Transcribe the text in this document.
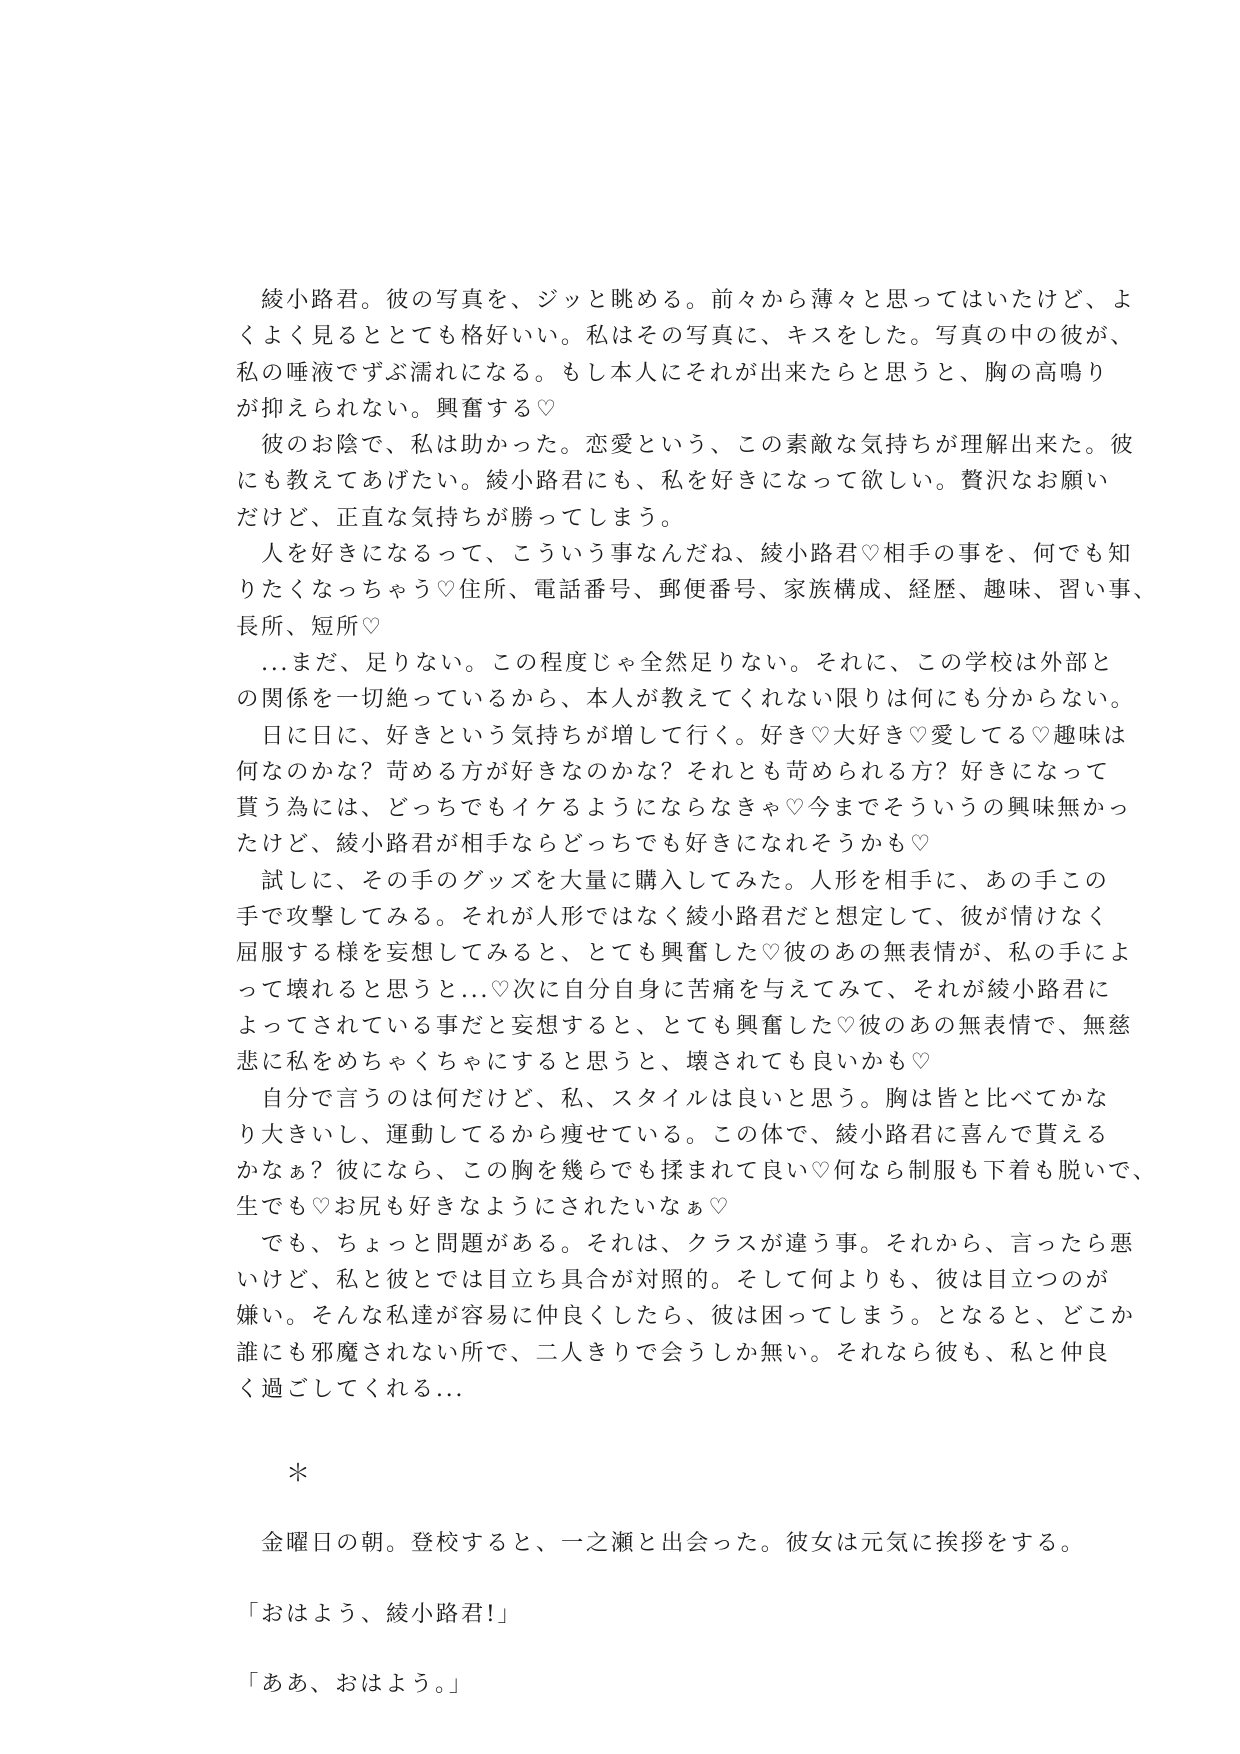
　綾小路君。彼の写真を、ジッと眺める。前々から薄々と思ってはいたけど、よ
くよく見るととても格好いい。私はその写真に、キスをした。写真の中の彼が、
私の唾液でずぶ濡れになる。もし本人にそれが出来たらと思うと、胸の高鳴り
が抑えられない。興奮する♡
　彼のお陰で、私は助かった。恋愛という、この素敵な気持ちが理解出来た。彼
にも教えてあげたい。綾小路君にも、私を好きになって欲しい。贅沢なお願い
だけど、正直な気持ちが勝ってしまう。
　人を好きになるって、こういう事なんだね、綾小路君♡相手の事を、何でも知
りたくなっちゃう♡住所、電話番号、郵便番号、家族構成、経歴、趣味、習い事、
長所、短所♡
　...まだ、足りない。この程度じゃ全然足りない。それに、この学校は外部と
の関係を一切絶っているから、本人が教えてくれない限りは何にも分からない。
　日に日に、好きという気持ちが増して行く。好き♡大好き♡愛してる♡趣味は
何なのかな？苛める方が好きなのかな？それとも苛められる方？好きになって
貰う為には、どっちでもイケるようにならなきゃ♡今までそういうの興味無かっ
たけど、綾小路君が相手ならどっちでも好きになれそうかも♡
　試しに、その手のグッズを大量に購入してみた。人形を相手に、あの手この
手で攻撃してみる。それが人形ではなく綾小路君だと想定して、彼が情けなく
屈服する様を妄想してみると、とても興奮した♡彼のあの無表情が、私の手によ
って壊れると思うと...♡次に自分自身に苦痛を与えてみて、それが綾小路君に
よってされている事だと妄想すると、とても興奮した♡彼のあの無表情で、無慈
悲に私をめちゃくちゃにすると思うと、壊されても良いかも♡
　自分で言うのは何だけど、私、スタイルは良いと思う。胸は皆と比べてかな
り大きいし、運動してるから痩せている。この体で、綾小路君に喜んで貰える
かなぁ？彼になら、この胸を幾らでも揉まれて良い♡何なら制服も下着も脱いで、
生でも♡お尻も好きなようにされたいなぁ♡
　でも、ちょっと問題がある。それは、クラスが違う事。それから、言ったら悪
いけど、私と彼とでは目立ち具合が対照的。そして何よりも、彼は目立つのが
嫌い。そんな私達が容易に仲良くしたら、彼は困ってしまう。となると、どこか
誰にも邪魔されない所で、二人きりで会うしか無い。それなら彼も、私と仲良
く過ごしてくれる...
＊
　金曜日の朝。登校すると、一之瀬と出会った。彼女は元気に挨拶をする。
「おはよう、綾小路君!」
「ああ、おはよう。」
